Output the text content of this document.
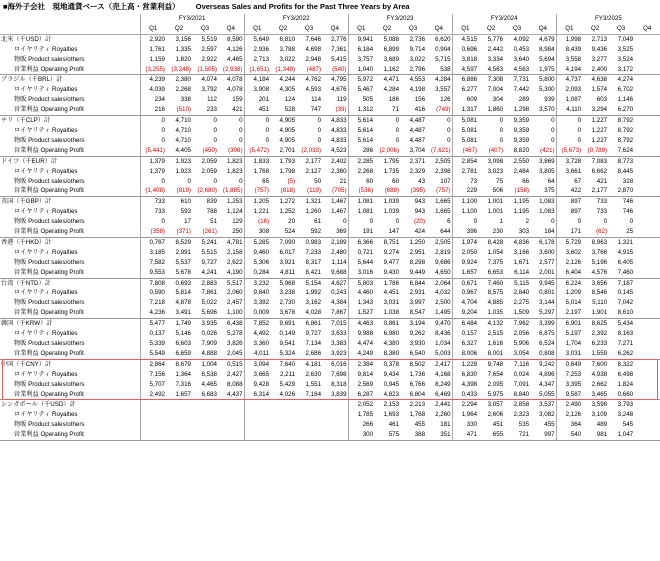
■海外子会社　現地通貨ベース（売上高・営業利益） Overseas Sales and Profits for the Past Three Years by Area
	FY3/2021				FY3/2022				FY3/2023				FY3/2024				FY3/2025			
	Q1	Q2	Q3	Q4	Q1	Q2	Q3	Q4	Q1	Q2	Q3	Q4	Q1	Q2	Q3	Q4	Q1	Q2	Q3	Q4
北米（千USD）計	2,920	3,156	5,519	8,590	5,649	6,810	7,646	2,776	9,941	5,088	2,736	6,620	4,515	5,776	4,092	4,679	1,998	2,713	7,049	
ロイヤリティ Royalties	1,761	1,335	2,597	4,126	2,936	3,788	4,698	7,361	6,184	6,899	9,714	0,904	0,696	2,442	0,453	8,984	8,439	9,436	3,525	
物販 Product sales/others	1,159	1,820	2,922	4,465	2,713	3,022	2,948	5,415	3,757	3,689	3,022	5,715	3,818	3,334	3,640	5,694	3,558	3,277	3,524	
営業利益 Operating Profit	(3,255)	(3,248)	(1,505)	(2,938)	(1,651)	(1,349)	(487)	(540)	1,040	1,162	2,796	538	4,597	4,563	4,563	1,975	4,194	2,400	3,172	
ブラジル（千BRL）計	4,239	2,380	4,074	4,078	4,184	4,244	4,762	4,795	5,972	4,471	4,553	4,284	6,886	7,308	7,731	5,800	4,737	4,638	4,274	
ロイヤリティ Royalties	4,039	2,268	3,792	4,078	3,908	4,305	4,593	4,676	5,467	4,284	4,198	3,557	6,277	7,004	7,442	5,300	2,093	1,574	6,702	
物販 Product sales/others	234	338	112	159	201	124	114	119	505	186	156	126	609	304	289	939	1,087	603	1,146	
営業利益 Operating Profit	216	(510)	233	421	451	528	747	(39)	1,312	71	416	(749)	1,317	1,860	1,298	3,570	4,110	3,294	6,270	
チリ（千CLP）計	0	4,710	0	0	0	4,905	0	4,833	5,614	0	4,487	0	5,081	0	9,359	0	0	1,227	8,792	
ロイヤリティ Royalties	0	4,710	0	0	0	4,905	0	4,833	5,614	0	4,487	0	5,081	0	9,359	0	0	1,227	8,792	
物販 Product sales/others	0	4,710	0	0	0	4,905	0	4,833	5,614	0	4,487	0	5,081	0	9,359	0	0	1,227	8,792	
営業利益 Operating Profit	(5,441)	4,405	(450)	(306)	(5,472)	2,701	(2,033)	4,523	286	(2,006)	3,704	(7,621)	(467)	(407)	8,820	(421)	(5,673)	(0,789)	7,624	
ドイツ（千EUR）計	1,379	1,923	2,059	1,823	1,833	1,793	2,177	2,402	2,285	1,795	2,371	2,505	2,854	3,098	2,550	3,869	3,728	7,083	8,773	
ロイヤリティ Royalties	1,379	1,923	2,059	1,823	1,768	1,798	2,127	2,380	2,268	1,735	2,329	2,398	2,781	3,023	2,484	3,805	3,661	6,662	8,445	
物販 Product sales/others	0	0	0	0	65	(5)	50	21	60	60	43	107	73	75	66	64	67	421	328	
営業利益 Operating Profit	(1,408)	(819)	(2,680)	(1,885)	(757)	(818)	(119)	(705)	(536)	(689)	(395)	(757)	229	506	(158)	375	422	2,177	2,870	
英国（千GBP）計	733	610	839	1,253	1,205	1,272	1,321	1,467	1,081	1,039	943	1,665	1,100	1,001	1,195	1,083	897	733	746	
ロイヤリティ Royalties	733	593	788	1,124	1,221	1,252	1,260	1,467	1,081	1,039	943	1,665	1,100	1,001	1,195	1,083	897	733	746	
物販 Product sales/others	0	17	51	129	(16)	20	61	0	0	0	(20)	6	0	1	2	0	0	0	0	
営業利益 Operating Profit	(358)	(371)	(261)	250	308	524	592	369	191	147	424	644	396	230	303	184	171	(62)	25	
香港（千HKD）計	0,767	8,529	5,241	4,781	5,285	7,090	0,983	2,189	6,366	8,751	1,250	2,505	1,974	8,428	4,836	6,178	5,729	8,963	1,321	
ロイヤリティ Royalties	3,185	2,991	5,515	2,158	9,460	6,017	7,233	2,480	0,721	9,274	2,951	2,819	2,050	1,054	3,166	3,600	3,602	3,766	4,915	
物販 Product sales/others	7,582	5,537	9,727	2,622	5,306	3,921	8,317	1,114	5,644	9,477	8,298	9,686	9,924	7,375	1,671	2,577	2,126	5,196	6,405	
営業利益 Operating Profit	9,553	5,678	4,241	4,190	0,284	4,811	8,421	9,688	3,016	9,430	9,449	4,650	1,657	6,653	6,114	2,001	6,404	4,576	7,460	
台湾（千NTD）計	7,808	0,693	2,883	5,517	3,232	5,968	5,154	4,627	5,803	1,786	6,844	2,064	0,671	7,460	5,115	9,945	6,224	3,656	7,187	
ロイヤリティ Royalties	0,590	5,814	7,861	2,060	9,840	3,238	1,992	0,243	4,460	4,451	2,931	4,032	0,967	8,575	2,840	0,801	1,209	8,546	0,145	
物販 Product sales/others	7,218	4,878	5,022	2,457	3,392	2,730	3,162	4,384	1,343	3,031	3,997	2,500	4,704	4,885	2,275	3,144	5,014	5,110	7,042	
営業利益 Operating Profit	4,236	3,491	5,696	1,100	0,009	3,678	4,028	7,867	1,527	1,038	8,547	1,495	9,204	1,035	1,509	5,297	2,197	1,901	8,610	
韓国（千KRW）計	5,477	1,749	3,935	6,438	7,852	9,691	6,861	7,015	4,463	0,861	3,194	9,470	6,484	4,132	7,962	3,399	6,901	8,625	5,434	
ロイヤリティ Royalties	0,137	5,146	0,026	5,278	4,492	0,149	9,727	3,633	9,988	6,980	9,262	8,436	0,157	2,515	2,056	6,875	5,197	2,392	8,163	
物販 Product sales/others	5,339	6,603	7,909	3,826	3,360	9,541	7,134	3,383	4,474	4,380	3,930	1,034	6,327	1,616	5,906	6,524	1,704	6,233	7,271	
営業利益 Operating Profit	5,549	6,659	4,888	2,045	4,011	5,324	2,686	3,923	4,249	8,380	6,540	5,003	8,006	8,001	3,054	0,808	3,031	1,559	6,262	
中国（千CNY）計	2,864	8,679	1,004	0,515	3,094	7,640	4,181	6,016	2,384	0,378	8,502	2,417	1,229	9,748	7,116	9,242	0,649	7,600	8,322	
ロイヤリティ Royalties	7,156	1,364	6,538	2,427	3,665	2,211	2,630	7,698	9,814	9,434	1,736	4,168	6,830	7,654	0,024	4,896	7,253	4,938	6,498	
物販 Product sales/others	5,707	7,316	4,465	8,088	9,428	5,429	1,551	8,318	2,569	0,945	6,766	8,249	4,398	2,095	7,091	4,347	3,395	2,662	1,824	
営業利益 Operating Profit	2,492	1,657	6,683	4,437	6,314	4,026	7,184	3,839	6,287	4,823	6,804	6,469	0,433	5,975	8,840	5,055	9,587	3,465	0,660	
シンガポール（千USD）計									2,052	2,153	2,213	2,441	2,294	3,057	2,858	3,537	2,490	3,598	3,793	
ロイヤリティ Royalties									1,785	1,693	1,768	2,260	1,964	2,606	2,323	3,082	2,126	3,109	3,248	
物販 Product sales/others									266	461	455	181	330	451	535	455	364	489	545	
営業利益 Operating Profit									300	575	388	351	471	655	721	997	540	981	1,047	
